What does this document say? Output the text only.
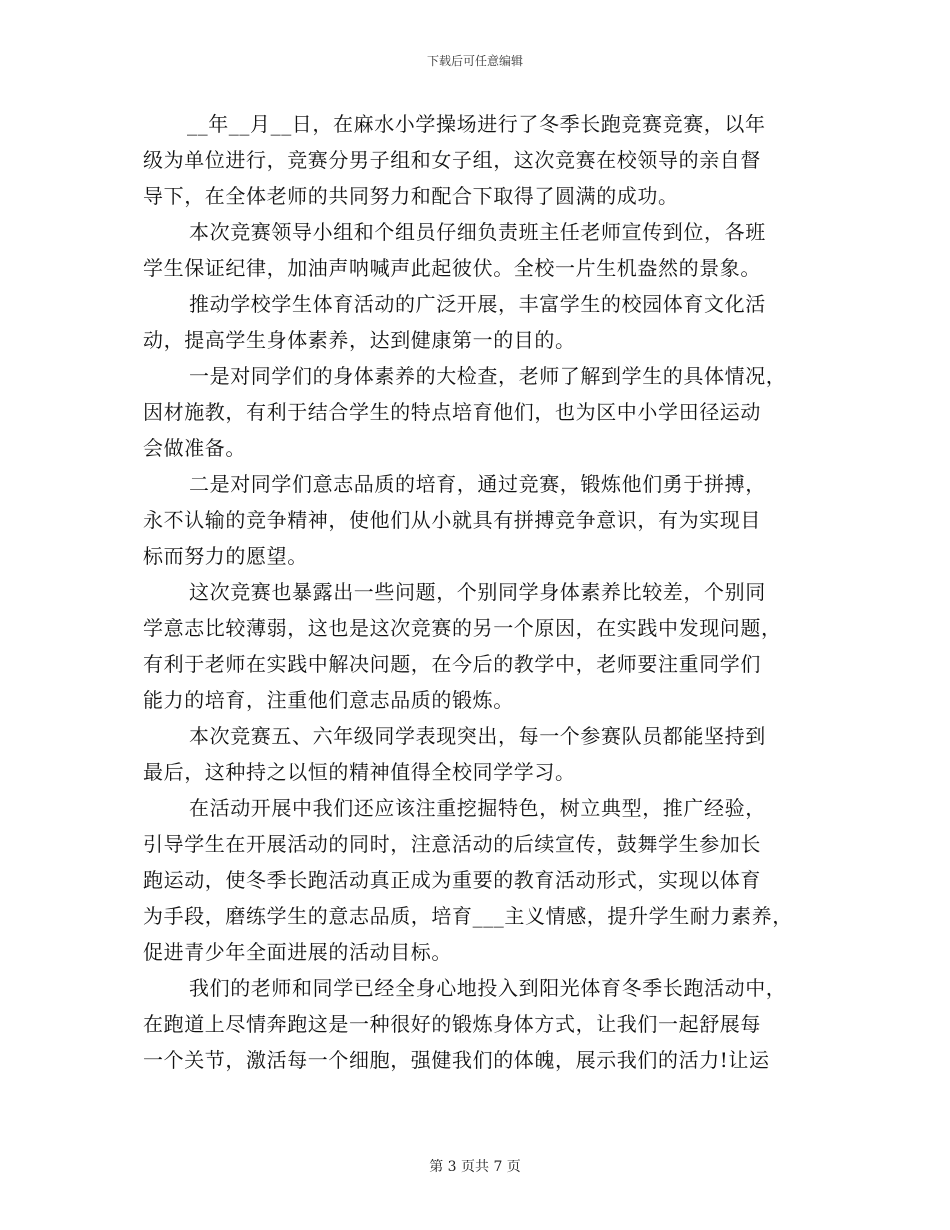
下载后可任意编辑
__年__月__日，在麻水小学操场进行了冬季长跑竞赛竞赛，以年
级为单位进行，竞赛分男子组和女子组，这次竞赛在校领导的亲自督
导下，在全体老师的共同努力和配合下取得了圆满的成功。
本次竞赛领导小组和个组员仔细负责班主任老师宣传到位，各班
学生保证纪律，加油声呐喊声此起彼伏。全校一片生机盎然的景象。
推动学校学生体育活动的广泛开展，丰富学生的校园体育文化活
动，提高学生身体素养，达到健康第一的目的。
一是对同学们的身体素养的大检查，老师了解到学生的具体情况，
因材施教，有利于结合学生的特点培育他们，也为区中小学田径运动
会做准备。
二是对同学们意志品质的培育，通过竞赛，锻炼他们勇于拼搏，
永不认输的竞争精神，使他们从小就具有拼搏竞争意识，有为实现目
标而努力的愿望。
这次竞赛也暴露出一些问题，个别同学身体素养比较差，个别同
学意志比较薄弱，这也是这次竞赛的另一个原因，在实践中发现问题，
有利于老师在实践中解决问题，在今后的教学中，老师要注重同学们
能力的培育，注重他们意志品质的锻炼。
本次竞赛五、六年级同学表现突出，每一个参赛队员都能坚持到
最后，这种持之以恒的精神值得全校同学学习。
在活动开展中我们还应该注重挖掘特色，树立典型，推广经验，
引导学生在开展活动的同时，注意活动的后续宣传，鼓舞学生参加长
跑运动，使冬季长跑活动真正成为重要的教育活动形式，实现以体育
为手段，磨练学生的意志品质，培育___主义情感，提升学生耐力素养，
促进青少年全面进展的活动目标。
我们的老师和同学已经全身心地投入到阳光体育冬季长跑活动中，
在跑道上尽情奔跑这是一种很好的锻炼身体方式，让我们一起舒展每
一个关节，激活每一个细胞，强健我们的体魄，展示我们的活力!让运
第 3 页共 7 页
